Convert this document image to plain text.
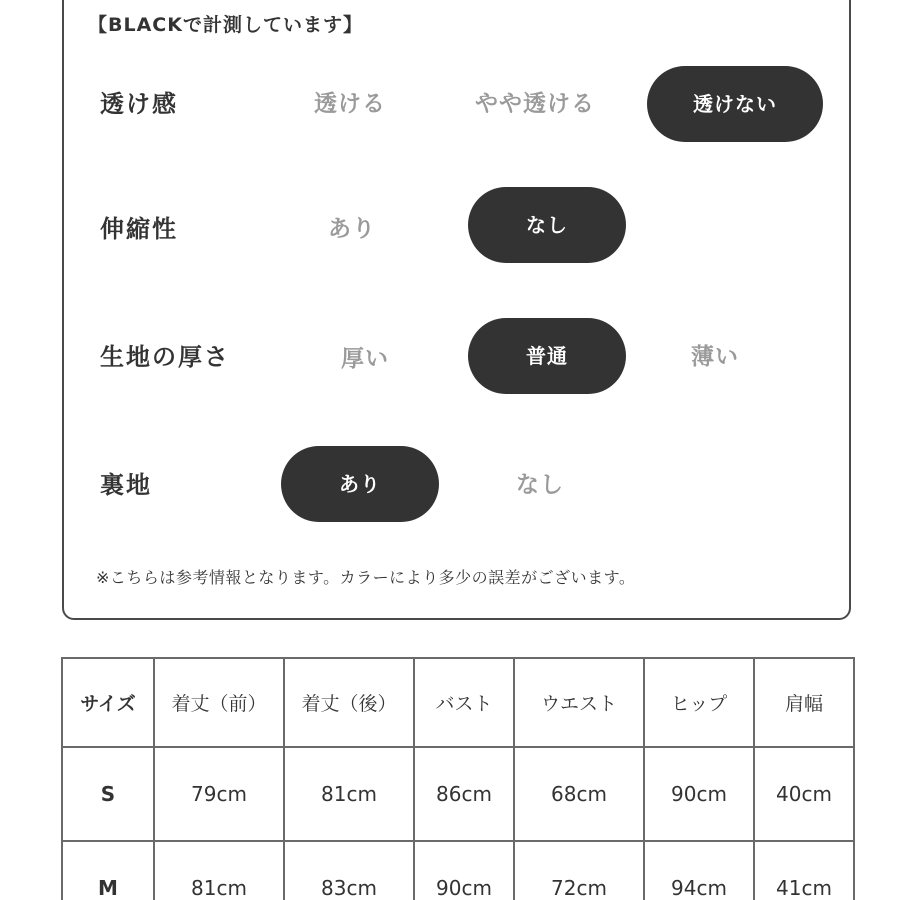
【BLACKで計測しています】
透け感	透ける	やや透ける	透けない
伸縮性	あり	なし
生地の厚さ	厚い	普通	薄い
裏地	あり	なし
※こちらは参考情報となります。カラーにより多少の誤差がございます。
サイズ	着丈（前）	着丈（後）	バスト	ウエスト	ヒップ	肩幅
S	79cm	81cm	86cm	68cm	90cm	40cm
M	81cm	83cm	90cm	72cm	94cm	41cm
